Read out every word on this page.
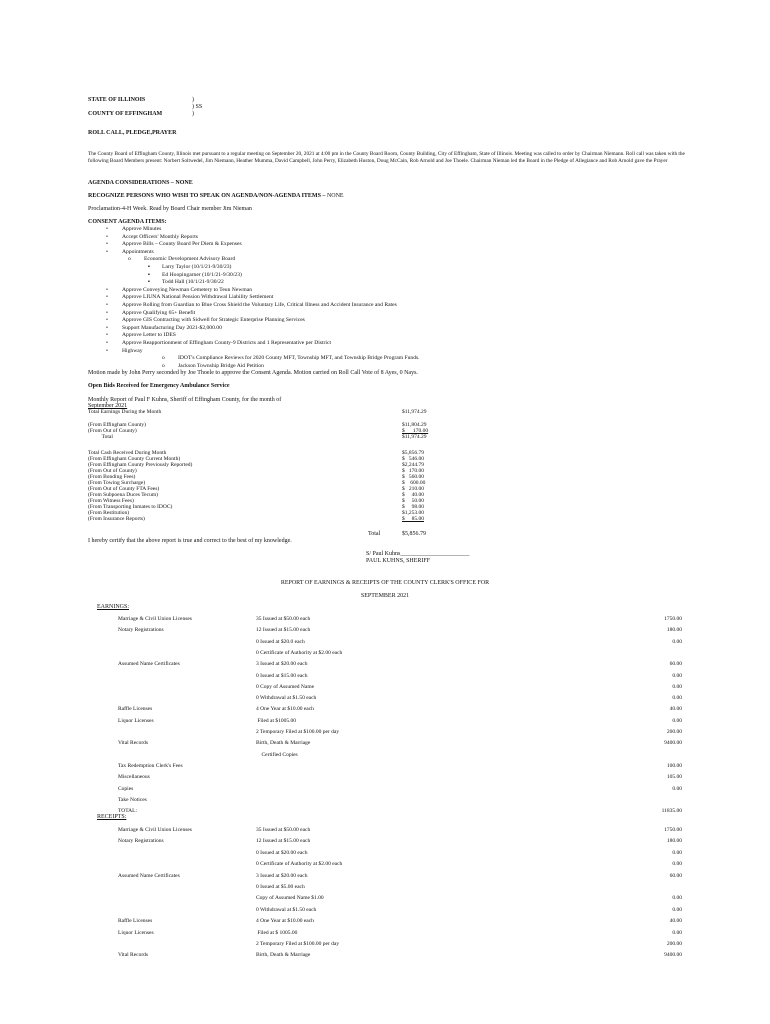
STATE OF ILLINOIS	)
) SS
COUNTY OF EFFINGHAM	)
ROLL CALL, PLEDGE,PRAYER
The County Board of Effingham County, Illinois met pursuant to a regular meeting on September 20, 2021 at 4:00 pm in the County Board Room, County Building, City of Effingham, State of Illinois. Meeting was called to order by Chairman Niemann. Roll call was taken with the following Board Members present: Norbert Soltwedel, Jim Niemann, Heather Mumma, David Campbell, John Perry, Elizabeth Huston, Doug McCain, Rob Arnold and Joe Thoele. Chairman Nieman led the Board in the Pledge of Allegiance and Rob Arnold gave the Prayer
AGENDA CONSIDERATIONS – NONE
RECOGNIZE PERSONS WHO WISH TO SPEAK ON AGENDA/NON-AGENDA ITEMS – NONE
Proclamation-4-H Week. Read by Board Chair member Jim Nieman
CONSENT AGENDA ITEMS:
•	Approve Minutes
•	Accept Officers' Monthly Reports
•	Approve Bills – County Board Per Diem & Expenses
•	Appointments
o Economic Development Advisory Board
▪ Larry Taylor (10/1/21-9/30/23)
▪ Ed Hoopingarner (10/1/21-9/30/23)
▪ Todd Hall (10/1/21-9/30/22
•	Approve Conveying Newman Cemetery to Teun Newman
•	Approve LIUNA National Pension Withdrawal Liability Settlement
•	Approve Rolling from Guardian to Blue Cross Shield the Voluntary Life, Critical Illness and Accident Insurance and Rates
•	Approve Qualifying 65+ Benefit
•	Approve GIS Contracting with Sidwell for Strategic Enterprise Planning Services
•	Support Manufacturing Day 2021-$2,000.00
•	Approve Letter to IDES
•	Approve Reapportionment of Effingham County-9 Districts and 1 Representative per District
•	Highway
o IDOT's Compliance Reviews for 2020 County MFT, Township MFT, and Township Bridge Program Funds.
o Jackson Township Bridge Aid Petition
Motion made by John Perry seconded by Joe Thoele to approve the Consent Agenda. Motion carried on Roll Call Vote of 8 Ayes, 0 Nays.
Open Bids Received for Emergency Ambulance Service
Monthly Report of Paul F Kuhns, Sheriff of Effingham County, for the month of
September 2021
Total Earnings During the Month	$11,974.29
(From Effingham County)	$11,804.29
(From Out of County)	$      170.00
Total	$11,974.29
Total Cash Received During Month	$5,856.79
(From Effingham County Current Month)	$   546.00
(From Effingham County Previously Reported)	$2,244.79
(From Out of County)	$   170.00
(From Bonding Fees)	$   560.00
(From Towing Surcharge)	$    600.00
(From Out of County FTA Fees)	$   210.00
(From Subpoena Duces Tecum)	$     40.00
(From Witness Fees)	$     50.00
(From Transporting Inmates to IDOC)	$     98.00
(From Restitution)	$1,253.00
(From Insurance Reports)	$     85.00
Total	$5,856.79
I hereby certify that the above report is true and correct to the best of my knowledge.
S/ Paul Kuhns_______________________
PAUL KUHNS, SHERIFF
REPORT OF EARNINGS & RECEIPTS OF THE COUNTY CLERK'S OFFICE FOR
SEPTEMBER 2021
EARNINGS:
Marriage & Civil Union Licenses	35 Issued at $50.00 each	1750.00
Notary Registrations	12 Issued at $15.00 each	180.00
0 Issued at $20.0 each	0.00
0 Certificate of Authority at $2.00 each
Assumed Name Certificates	3 Issued at $20.00 each	60.00
0 Issued at $15.00 each	0.00
0 Copy of Assumed Name	0.00
0 Withdrawal at $1.50 each	0.00
Raffle Licenses	4 One Year at $10.00 each	40.00
Liquor Licenses	Filed at $1005.00	0.00
2 Temporary Filed at $100.00 per day	200.00
Vital Records	Birth, Death & Marriage	9400.00
Certified Copies
Tax Redemption Clerk's Fees	100.00
Miscellaneous	105.00
Copies	0.00
Take Notices
TOTAL:	11835.00
RECEIPTS:
Marriage & Civil Union Licenses	35 Issued at $50.00 each	1750.00
Notary Registrations	12 Issued at $15.00 each	180.00
0 Issued at $20.00 each	0.00
0 Certificate of Authority at $2.00 each	0.00
Assumed Name Certificates	3 Issued at $20.00 each	60.00
0 Issued at $5.00 each
Copy of Assumed Name $1.00	0.00
0 Withdrawal at $1.50 each	0.00
Raffle Licenses	4 One Year at $10.00 each	40.00
Liquor Licenses	Filed at $ 1005.00	0.00
2 Temporary Filed at $100.00 per day	200.00
Vital Records	Birth, Death & Marriage	9400.00
